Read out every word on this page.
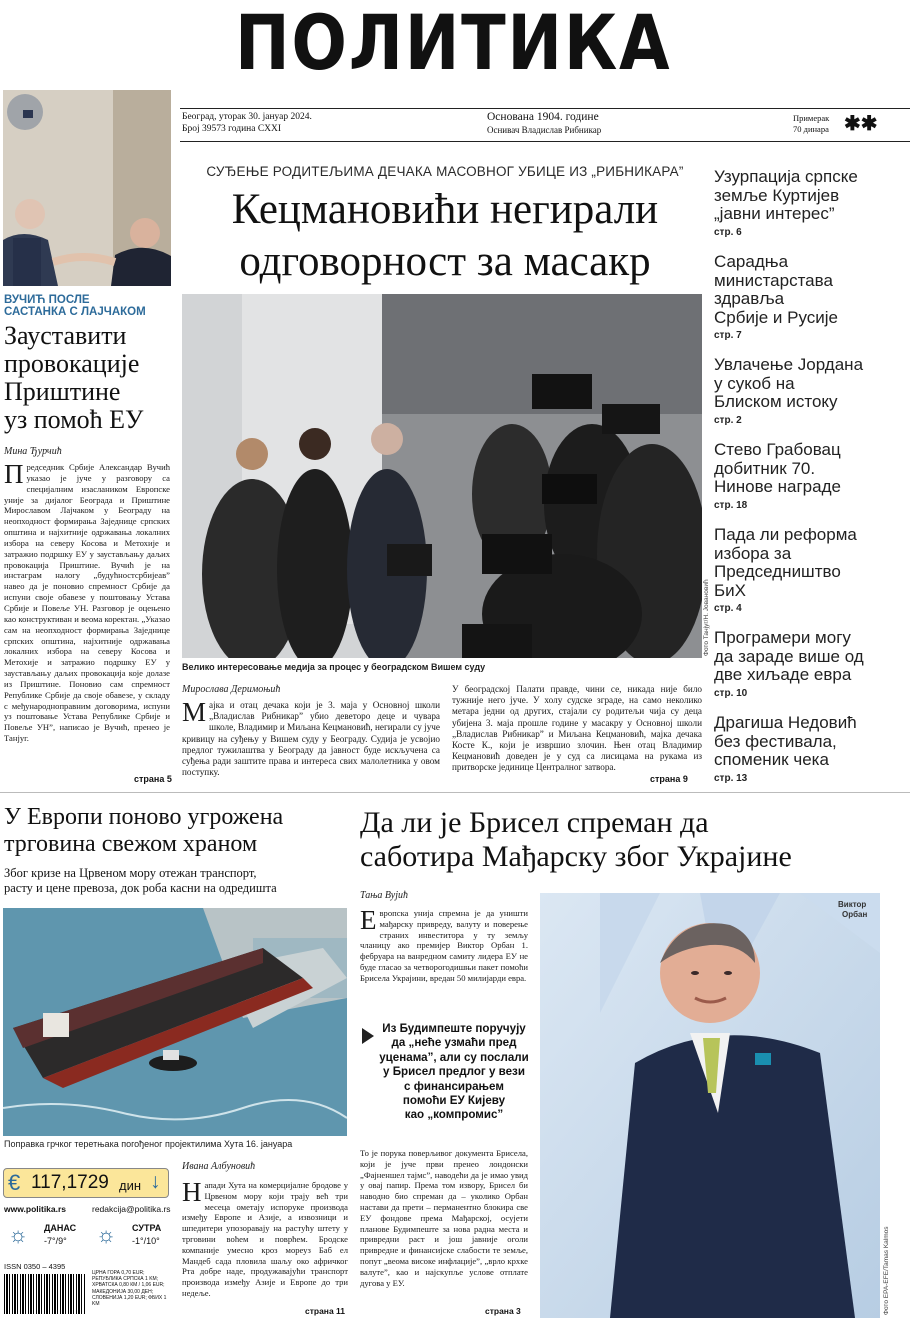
ПОЛИТИКА
Београд, уторак 30. јануар 2024.
Број 39573 година CXXI
Основана 1904. године
Оснивач Владислав Рибникар
Примерак
70 динара ✱✱
СУЂЕЊЕ РОДИТЕЉИМА ДЕЧАКА МАСОВНОГ УБИЦЕ ИЗ „РИБНИКАРА”
Кецмановићи негирали
одговорност за масакр
Фото Танјуг/Н. Јовановић
Велико интересовање медија за процес у београдском Вишем суду
Мирослава Деримоњић
Мајка и отац дечака који је 3. маја у Основној школи „Владислав Рибникар” убио деветоро деце и чувара школе, Владимир и Миљана Кецмановић, негирали су јуче кривицу на суђењу у Вишем суду у Београду. Судија је усвојио предлог тужилаштва у Београду да јавност буде искључена са суђења ради заштите права и интереса свих малолетника у овом поступку.
У београдској Палати правде, чини се, никада није било тужније него јуче. У холу судске зграде, на само неколико метара једни од других, стајали су родитељи чија су деца убијена 3. маја прошле године у масакру у Основној школи „Владислав Рибникар” и Миљана Кецмановић, мајка дечака Косте К., који је извршио злочин. Њен отац Владимир Кецмановић доведен је у суд са лисицама на рукама из притворске јединице Централног затвора.
страна 9
ВУЧИЋ ПОСЛЕ
САСТАНКА С ЛАЈЧАКОМ
Зауставити
провокације
Приштине
уз помоћ ЕУ
Мина Ђурчић
Председник Србије Александар Вучић указао је јуче у разговору са специјалним изаслаником Европске уније за дијалог Београда и Приштине Мирославом Лајчаком у Београду на неопходност формирања Заједнице српских општина и најхитније одржавања локалних избора на северу Косова и Метохије и затражио подршку ЕУ у заустављању даљих провокација Приштине. Вучић је на инстаграм налогу „будућностсрбијеав” навео да је поновио спремност Србије да испуни своје обавезе у поштовању Устава Србије и Повеље УН. Разговор је оцењено као конструктиван и веома коректан. „Указао сам на неопходност формирања Заједнице српских општина, најхитније одржавања локалних избора на северу Косова и Метохије и затражио подршку ЕУ у заустављању даљих провокација које долазе из Приштине. Поновио сам спремност Републике Србије да своје обавезе, у складу с међународноправним договорима, испуни уз поштовање Устава Републике Србије и Повеље УН”, написао је Вучић, пренео је Танјуг.
страна 5
Узурпација српске
земље Куртијев
„јавни интерес”
стр. 6
Сарадња
министарстава
здравља
Србије и Русије
стр. 7
Увлачење Јордана
у сукоб на
Блиском истоку
стр. 2
Стево Грабовац
добитник 70.
Нинове награде
стр. 18
Пада ли реформа
избора за
Председништво
БиХ
стр. 4
Програмери могу
да зараде више од
две хиљаде евра
стр. 10
Драгиша Недовић
без фестивала,
споменик чека
стр. 13
У Европи поново угрожена
трговина свежом храном
Због кризе на Црвеном мору отежан транспорт,
расту и цене превоза, док роба касни на одредишта
Поправка грчког теретњака погођеног пројектилима Хута 16. јануара
€ 117,1729 дин ↓
www.politika.rs	redakcija@politika.rs
☼ ДАНАС
-7°/9° ☼ СУТРА
-1°/10°
ISSN 0350 – 4395
ЦРНА ГОРА 0,70 EUR; РЕПУБЛИКА СРПСКА 1 KM; ХРВАТСКА 0,80 КМ / 1,06 EUR; МАКЕДОНИЈА 30,00 ДЕН; СЛОВЕНИЈА 1,20 EUR; ФБИХ 1 KM
Ивана Албуновић
Напади Хута на комерцијалне бродове у Црвеном мору који трају већ три месеца ометају испоруке производа између Европе и Азије, а извозници и шпедитери упозоравају на растућу штету у трговини воћем и поврћем. Бродске компаније умесно кроз мореуз Баб ел Мандеб сада пловила шаљу око афричког Рта добре наде, продужавајући транспорт производа између Азије и Европе до три недеље.
страна 11
Да ли је Брисел спреман да
саботира Мађарску због Украјине
Тања Вујић
Европска унија спремна је да уништи мађарску привреду, валуту и поверење страних инвеститора у ту земљу чланицу ако премијер Виктор Орбан 1. фебруара на ванредном самиту лидера ЕУ не буде гласао за четворогодишњи пакет помоћи Брисела Украјини, вредан 50 милијарди евра.
Из Будимпеште поручују
да „неће узмаћи пред
уценама”, али су послали
у Брисел предлог у вези
с финансирањем
помоћи ЕУ Кијеву
као „компромис”
То је порука поверљивог документа Брисела, који је јуче први пренео лондонски „Фајненшел тајмс”, наводећи да је имао увид у овај папир. Према том извору, Брисел би наводно био спреман да – уколико Орбан настави да прети – перманентно блокира све ЕУ фондове према Мађарској, осујети планове Будимпеште за нова радна места и привредни раст и још јавније оголи привредне и финансијске слабости те земље, попут „веома високе инфлације”, „врло крхке валуте”, као и најскупље услове отплате дугова у ЕУ.
страна 3
Виктор
Орбан
Фото EPA-EFE/Tamas Kalmos
